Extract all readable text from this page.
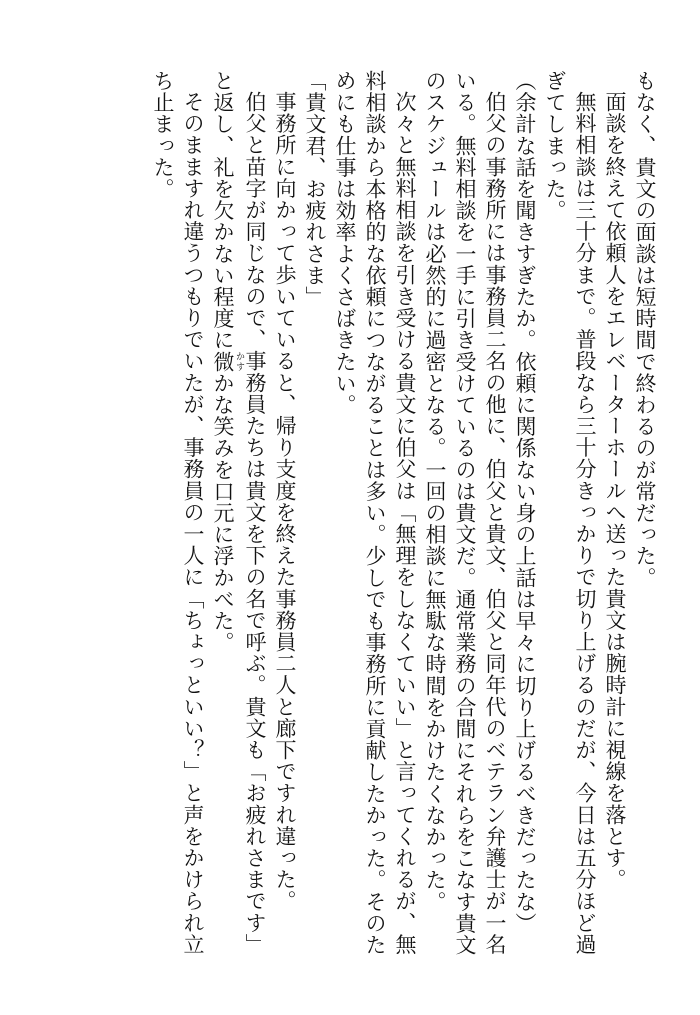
もなく、貴文の面談は短時間で終わるのが常だった。

面談を終えて依頼人をエレベーターホールへ送った貴文は腕時計に視線を落とす。

無料相談は三十分まで。普段なら三十分きっかりで切り上げるのだが、今日は五分ほど過ぎてしまった。

（余計な話を聞きすぎたか。依頼に関係ない身の上話は早々に切り上げるべきだったな）

伯父の事務所には事務員二名の他に、伯父と貴文、伯父と同年代のベテラン弁護士が一名いる。無料相談を一手に引き受けているのは貴文だ。通常業務の合間にそれらをこなす貴文のスケジュールは必然的に過密となる。一回の相談に無駄な時間をかけたくなかった。

次々と無料相談を引き受ける貴文に伯父は「無理をしなくていい」と言ってくれるが、無料相談から本格的な依頼につながることは多い。少しでも事務所に貢献したかった。そのためにも仕事は効率よくさばきたい。

「貴文君、お疲れさま」

事務所に向かって歩いていると、帰り支度を終えた事務員二人と廊下ですれ違った。

伯父と苗字が同じなので、事務員たちは貴文を下の名で呼ぶ。貴文も「お疲れさまです」と返し、礼を欠かない程度に微 かすかな笑みを口元に浮かべた。

そのまますれ違うつもりでいたが、事務員の一人に「ちょっといい？」と声をかけられ立ち止まった。
